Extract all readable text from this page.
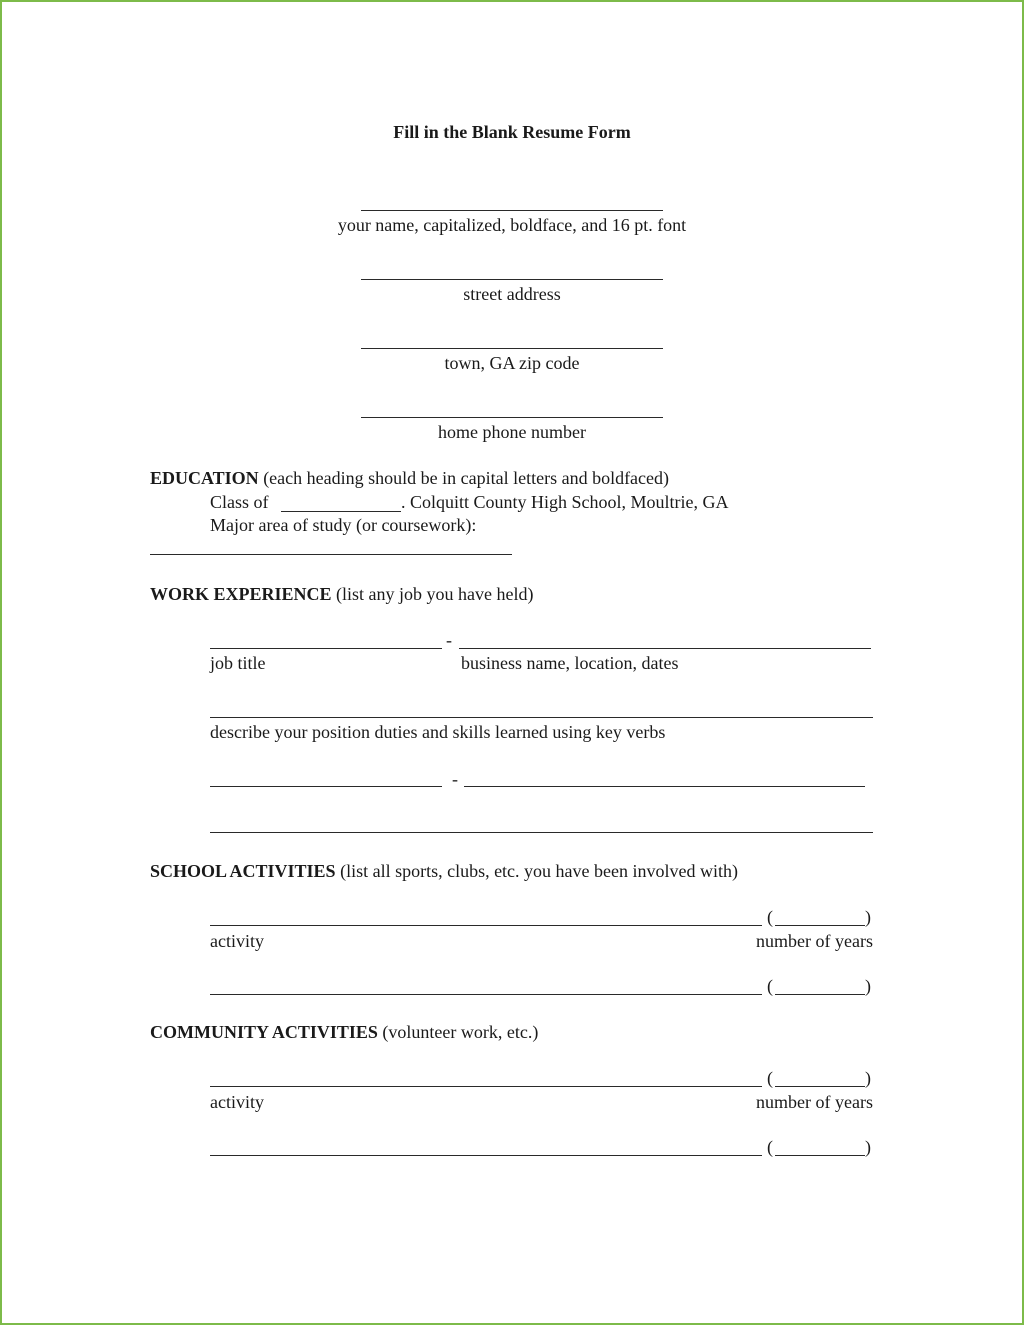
Fill in the Blank Resume Form
your name, capitalized, boldface, and 16 pt. font
street address
town, GA zip code
home phone number
EDUCATION (each heading should be in capital letters and boldfaced)
Class of	. Colquitt County High School, Moultrie, GA
Major area of study (or coursework):
WORK EXPERIENCE (list any job you have held)
-
job title	business name, location, dates
describe your position duties and skills learned using key verbs
-
SCHOOL ACTIVITIES (list all sports, clubs, etc. you have been involved with)
(	)
activity	number of years
(	)
COMMUNITY ACTIVITIES (volunteer work, etc.)
(	)
activity	number of years
(	)
